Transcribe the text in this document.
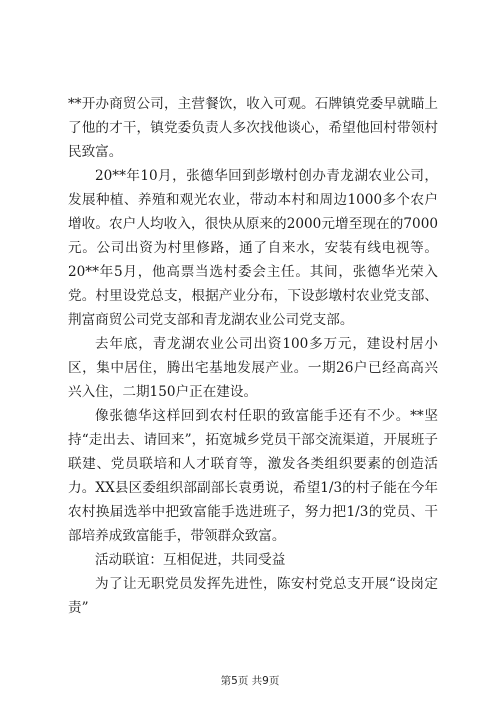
**开办商贸公司，主营餐饮，收入可观。石牌镇党委早就瞄上了他的才干，镇党委负责人多次找他谈心，希望他回村带领村民致富。

20**年10月，张德华回到彭墩村创办青龙湖农业公司，发展种植、养殖和观光农业，带动本村和周边1000多个农户增收。农户人均收入，很快从原来的2000元增至现在的7000元。公司出资为村里修路，通了自来水，安装有线电视等。20**年5月，他高票当选村委会主任。其间，张德华光荣入党。村里设党总支，根据产业分布，下设彭墩村农业党支部、荆富商贸公司党支部和青龙湖农业公司党支部。

去年底，青龙湖农业公司出资100多万元，建设村居小区，集中居住，腾出宅基地发展产业。一期26户已经高高兴兴入住，二期150户正在建设。

像张德华这样回到农村任职的致富能手还有不少。**坚持“走出去、请回来”，拓宽城乡党员干部交流渠道，开展班子联建、党员联培和人才联育等，激发各类组织要素的创造活力。XX县区委组织部副部长袁勇说，希望1/3的村子能在今年农村换届选举中把致富能手选进班子，努力把1/3的党员、干部培养成致富能手，带领群众致富。

活动联谊：互相促进，共同受益

为了让无职党员发挥先进性，陈安村党总支开展“设岗定责”

第5页 共9页
